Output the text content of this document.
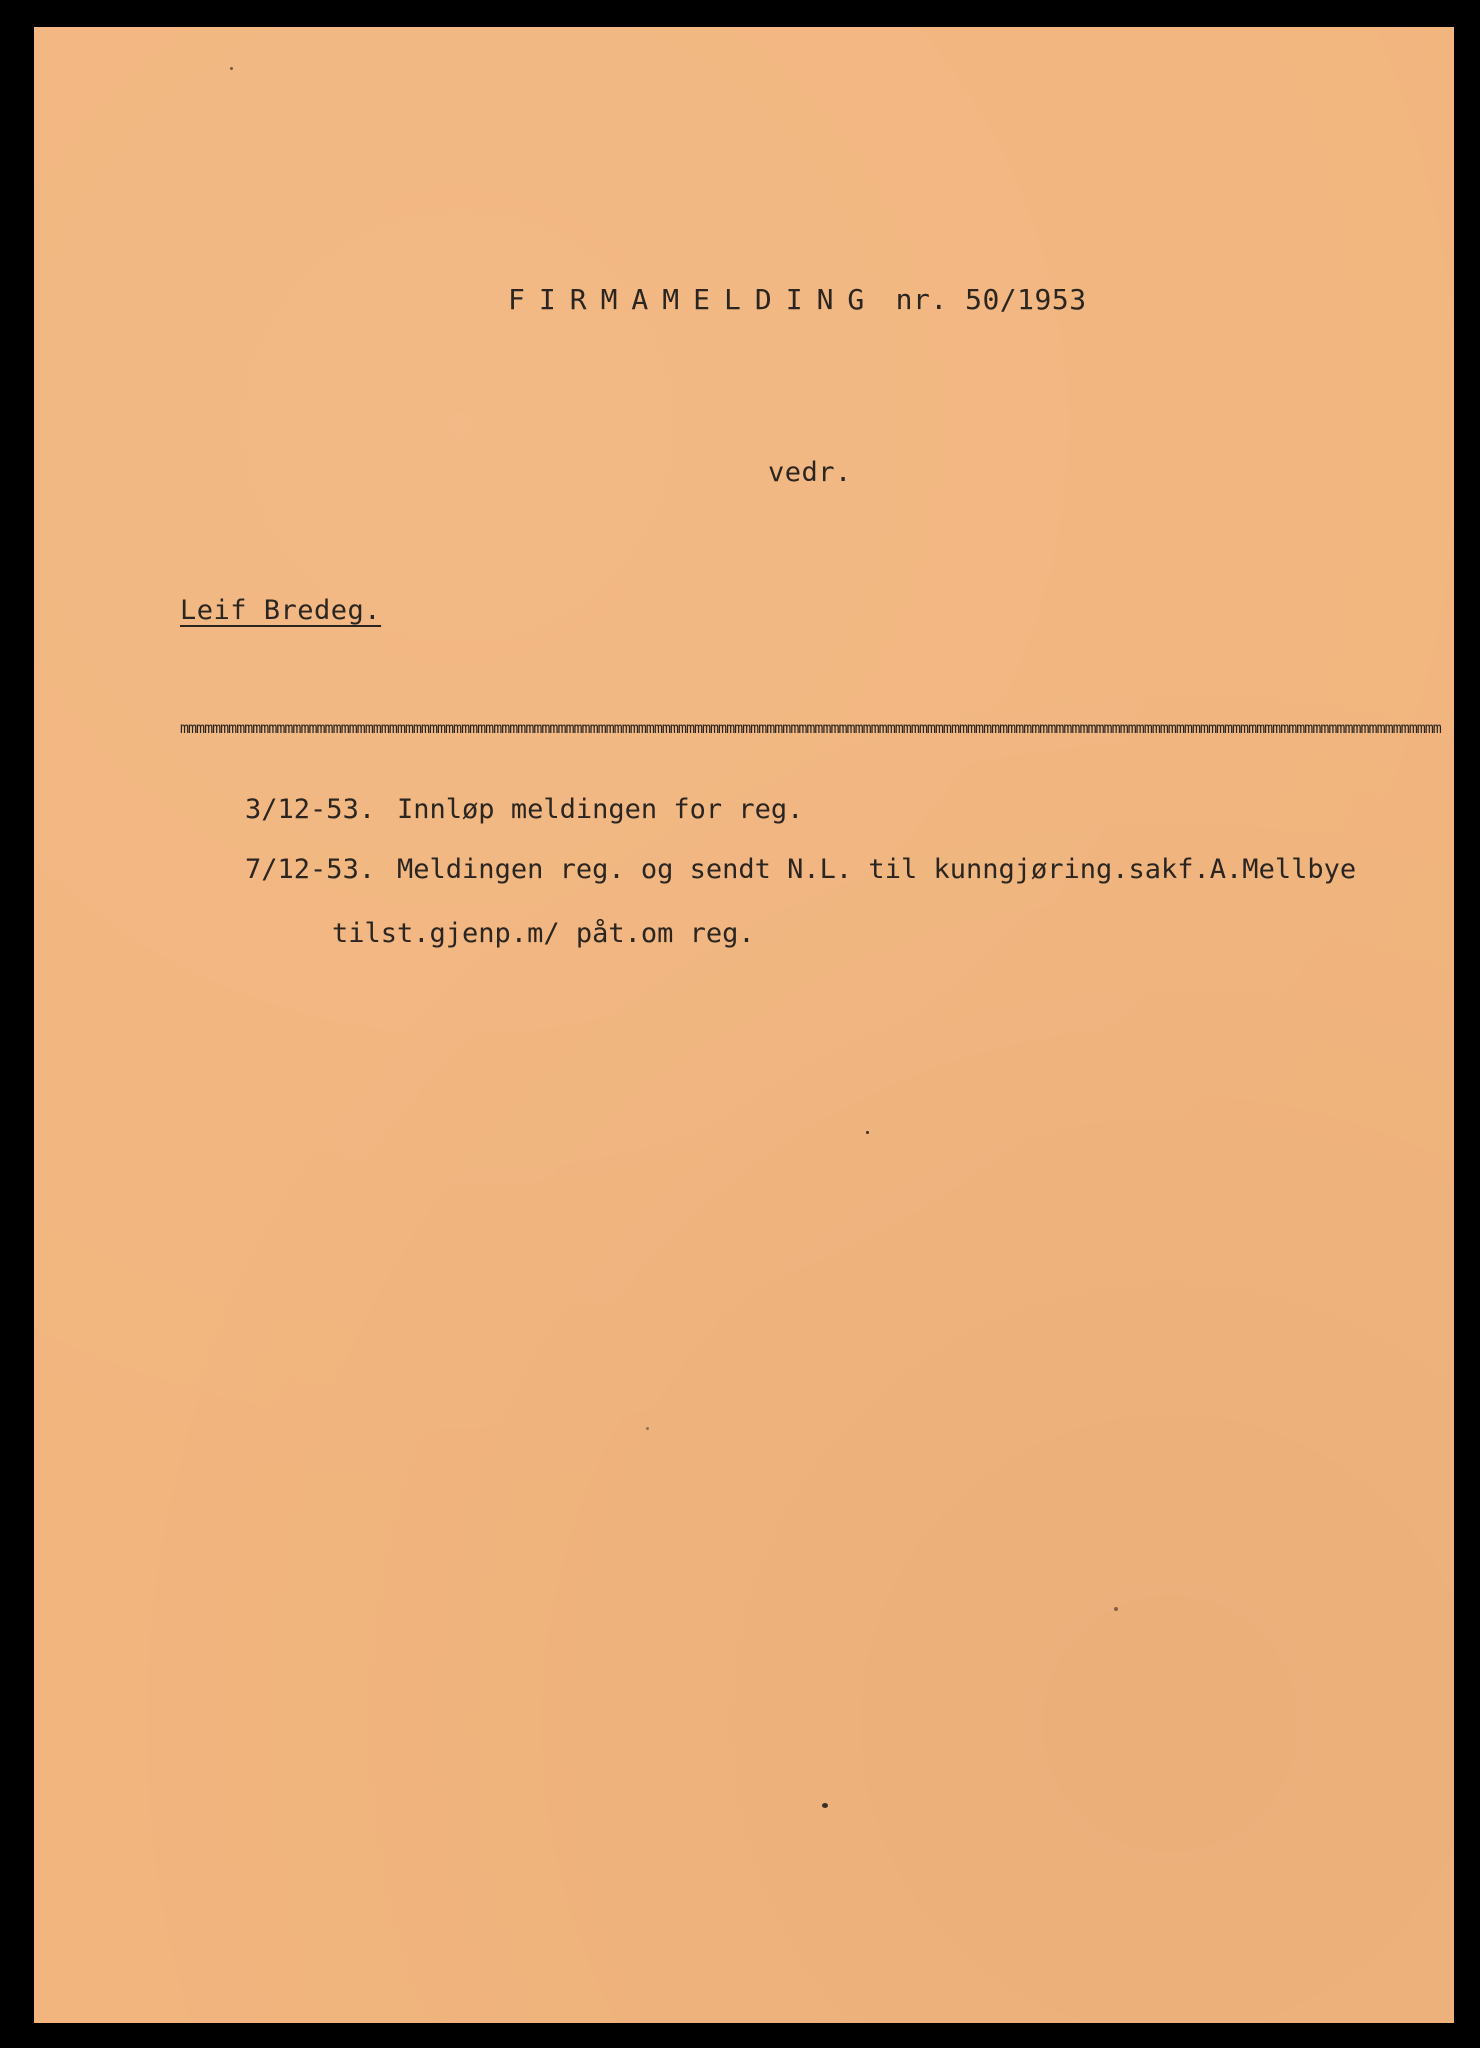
FIRMAMELDING nr. 50/1953
vedr.
Leif Bredeg.
mmmmmmmmmmmmmmmmmmmmmmmmmmmmmmmmmmmmmmmmmmmmmmmmmmmmmmmmmmmmmmmmmmmmmmmmmmmmmmmmmmmmmmmmmmmmmmmmmmmmmmmmmmmmmmmmmmmmmmmmmmmmmmmmmmmmmmmmmmmmmmmmmmmmmmmmmmmmm

3/12-53. Innløp meldingen for reg.

7/12-53. Meldingen reg. og sendt N.L. til kunngjøring.sakf.A.Mellbye

tilst.gjenp.m/ påt.om reg.
